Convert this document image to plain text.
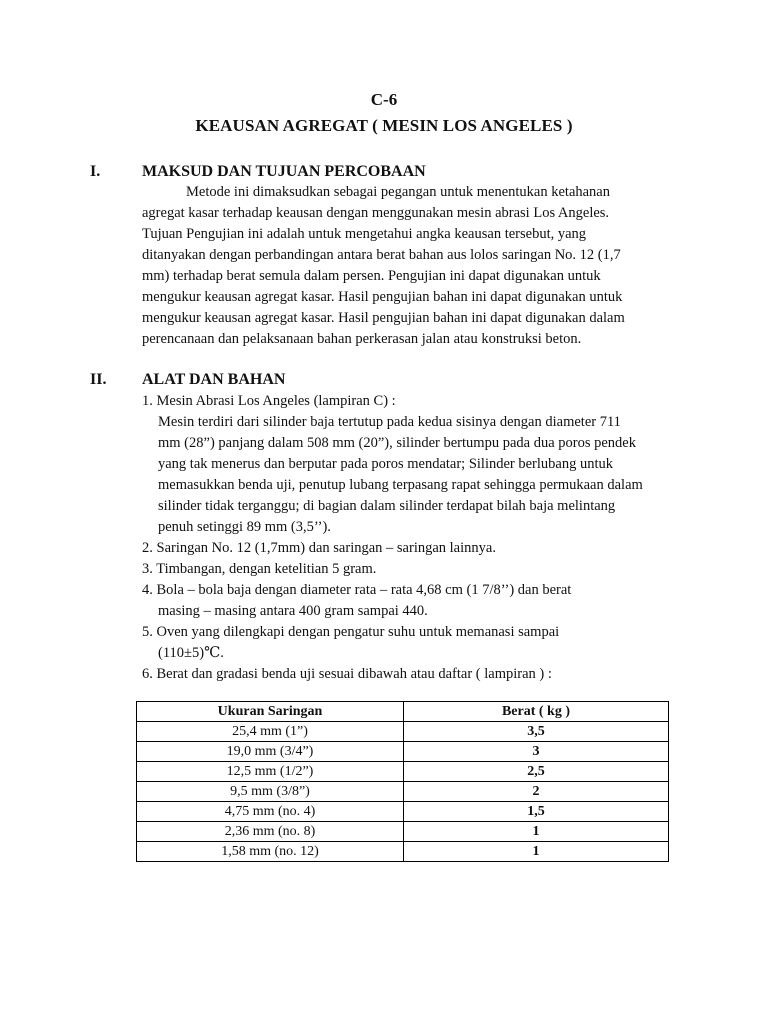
C-6
KEAUSAN AGREGAT ( MESIN LOS ANGELES )
I.	MAKSUD DAN TUJUAN PERCOBAAN
Metode ini dimaksudkan sebagai pegangan untuk menentukan ketahanan
agregat kasar terhadap keausan dengan menggunakan mesin abrasi Los Angeles.
Tujuan Pengujian ini adalah untuk mengetahui angka keausan tersebut, yang
ditanyakan dengan perbandingan antara berat bahan aus lolos saringan No. 12 (1,7
mm) terhadap berat semula dalam persen. Pengujian ini dapat digunakan untuk
mengukur keausan agregat kasar. Hasil pengujian bahan ini dapat digunakan untuk
mengukur keausan agregat kasar. Hasil pengujian bahan ini dapat digunakan dalam
perencanaan dan pelaksanaan bahan perkerasan jalan atau konstruksi beton.
II. ALAT DAN BAHAN
1. Mesin Abrasi Los Angeles (lampiran C) :
Mesin terdiri dari silinder baja tertutup pada kedua sisinya dengan diameter 711
mm (28”) panjang dalam 508 mm (20”), silinder bertumpu pada dua poros pendek
yang tak menerus dan berputar pada poros mendatar; Silinder berlubang untuk
memasukkan benda uji, penutup lubang terpasang rapat sehingga permukaan dalam
silinder tidak terganggu; di bagian dalam silinder terdapat bilah baja melintang
penuh setinggi 89 mm (3,5’’).
2. Saringan No. 12 (1,7mm) dan saringan – saringan lainnya.
3. Timbangan, dengan ketelitian 5 gram.
4. Bola – bola baja dengan diameter rata – rata 4,68 cm (1 7/8’’) dan berat
masing – masing antara 400 gram sampai 440.
5. Oven yang dilengkapi dengan pengatur suhu untuk memanasi sampai
(110±5)℃.
6. Berat dan gradasi benda uji sesuai dibawah atau daftar ( lampiran ) :
Ukuran Saringan	Berat ( kg )
25,4 mm (1”)	3,5
19,0 mm (3/4”)	3
12,5 mm (1/2”)	2,5
9,5 mm (3/8”)	2
4,75 mm (no. 4)	1,5
2,36 mm (no. 8)	1
1,58 mm (no. 12)	1
